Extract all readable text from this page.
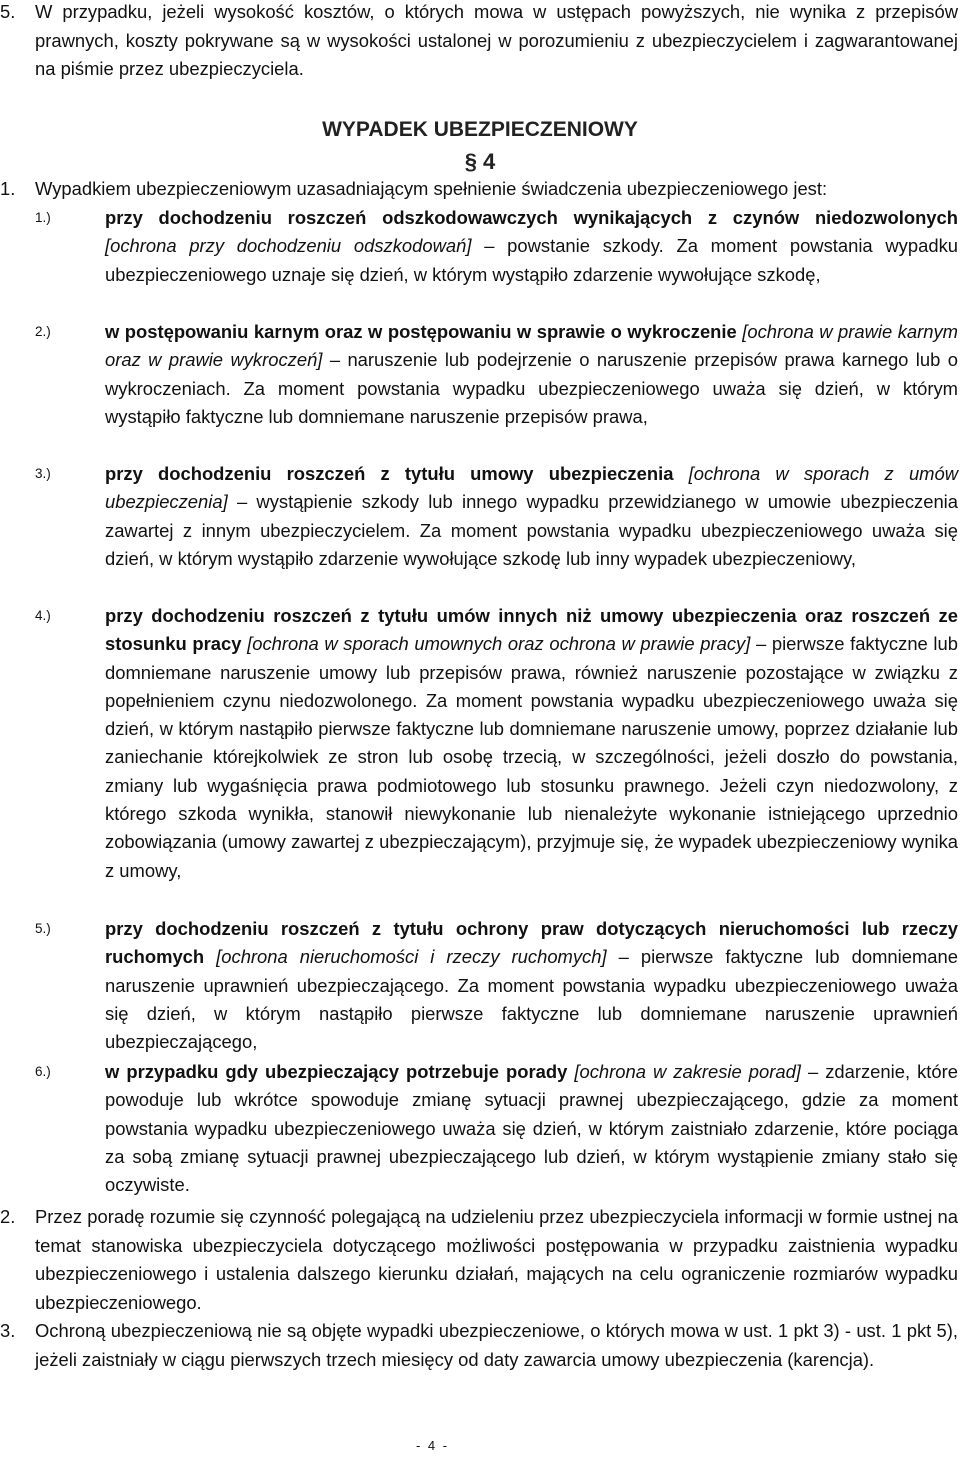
5. W przypadku, jeżeli wysokość kosztów, o których mowa w ustępach powyższych, nie wynika z przepisów prawnych, koszty pokrywane są w wysokości ustalonej w porozumieniu z ubezpieczycielem i zagwarantowanej na piśmie przez ubezpieczyciela.
WYPADEK UBEZPIECZENIOWY
§ 4
1. Wypadkiem ubezpieczeniowym uzasadniającym spełnienie świadczenia ubezpieczeniowego jest:
1.)	przy dochodzeniu roszczeń odszkodowawczych wynikających z czynów niedozwolonych [ochrona przy dochodzeniu odszkodowań] – powstanie szkody. Za moment powstania wypadku ubezpieczeniowego uznaje się dzień, w którym wystąpiło zdarzenie wywołujące szkodę,
2.)	w postępowaniu karnym oraz w postępowaniu w sprawie o wykroczenie [ochrona w prawie karnym oraz w prawie wykroczeń] – naruszenie lub podejrzenie o naruszenie przepisów prawa karnego lub o wykroczeniach. Za moment powstania wypadku ubezpieczeniowego uważa się dzień, w którym wystąpiło faktyczne lub domniemane naruszenie przepisów prawa,
3.)	przy dochodzeniu roszczeń z tytułu umowy ubezpieczenia [ochrona w sporach z umów ubezpieczenia] – wystąpienie szkody lub innego wypadku przewidzianego w umowie ubezpieczenia zawartej z innym ubezpieczycielem. Za moment powstania wypadku ubezpieczeniowego uważa się dzień, w którym wystąpiło zdarzenie wywołujące szkodę lub inny wypadek ubezpieczeniowy,
4.)	przy dochodzeniu roszczeń z tytułu umów innych niż umowy ubezpieczenia oraz roszczeń ze stosunku pracy [ochrona w sporach umownych oraz ochrona w prawie pracy] – pierwsze faktyczne lub domniemane naruszenie umowy lub przepisów prawa, również naruszenie pozostające w związku z popełnieniem czynu niedozwolonego. Za moment powstania wypadku ubezpieczeniowego uważa się dzień, w którym nastąpiło pierwsze faktyczne lub domniemane naruszenie umowy, poprzez działanie lub zaniechanie którejkolwiek ze stron lub osobę trzecią, w szczególności, jeżeli doszło do powstania, zmiany lub wygaśnięcia prawa podmiotowego lub stosunku prawnego. Jeżeli czyn niedozwolony, z którego szkoda wynikła, stanowił niewykonanie lub nienależyte wykonanie istniejącego uprzednio zobowiązania (umowy zawartej z ubezpieczającym), przyjmuje się, że wypadek ubezpieczeniowy wynika z umowy,
5.)	przy dochodzeniu roszczeń z tytułu ochrony praw dotyczących nieruchomości lub rzeczy ruchomych [ochrona nieruchomości i rzeczy ruchomych] – pierwsze faktyczne lub domniemane naruszenie uprawnień ubezpieczającego. Za moment powstania wypadku ubezpieczeniowego uważa się dzień, w którym nastąpiło pierwsze faktyczne lub domniemane naruszenie uprawnień ubezpieczającego,
6.)	w przypadku gdy ubezpieczający potrzebuje porady [ochrona w zakresie porad] – zdarzenie, które powoduje lub wkrótce spowoduje zmianę sytuacji prawnej ubezpieczającego, gdzie za moment powstania wypadku ubezpieczeniowego uważa się dzień, w którym zaistniało zdarzenie, które pociąga za sobą zmianę sytuacji prawnej ubezpieczającego lub dzień, w którym wystąpienie zmiany stało się oczywiste.
2. Przez poradę rozumie się czynność polegającą na udzieleniu przez ubezpieczyciela informacji w formie ustnej na temat stanowiska ubezpieczyciela dotyczącego możliwości postępowania w przypadku zaistnienia wypadku ubezpieczeniowego i ustalenia dalszego kierunku działań, mających na celu ograniczenie rozmiarów wypadku ubezpieczeniowego.
3. Ochroną ubezpieczeniową nie są objęte wypadki ubezpieczeniowe, o których mowa w ust. 1 pkt 3) - ust. 1 pkt 5), jeżeli zaistniały w ciągu pierwszych trzech miesięcy od daty zawarcia umowy ubezpieczenia (karencja).
- 4 -
